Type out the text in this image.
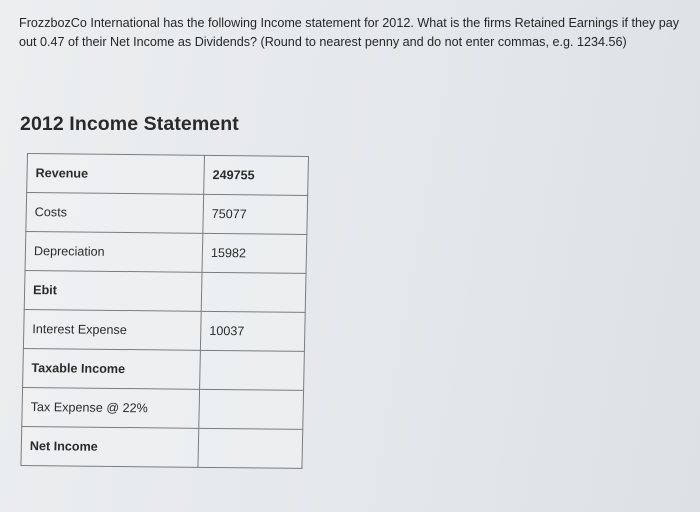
FrozzbozCo International has the following Income statement for 2012. What is the firms Retained Earnings if they pay
out 0.47 of their Net Income as Dividends? (Round to nearest penny and do not enter commas, e.g. 1234.56)
2012 Income Statement
Revenue	249755
Costs	75077
Depreciation	15982
Ebit	
Interest Expense	10037
Taxable Income	
Tax Expense @ 22%	
Net Income	
